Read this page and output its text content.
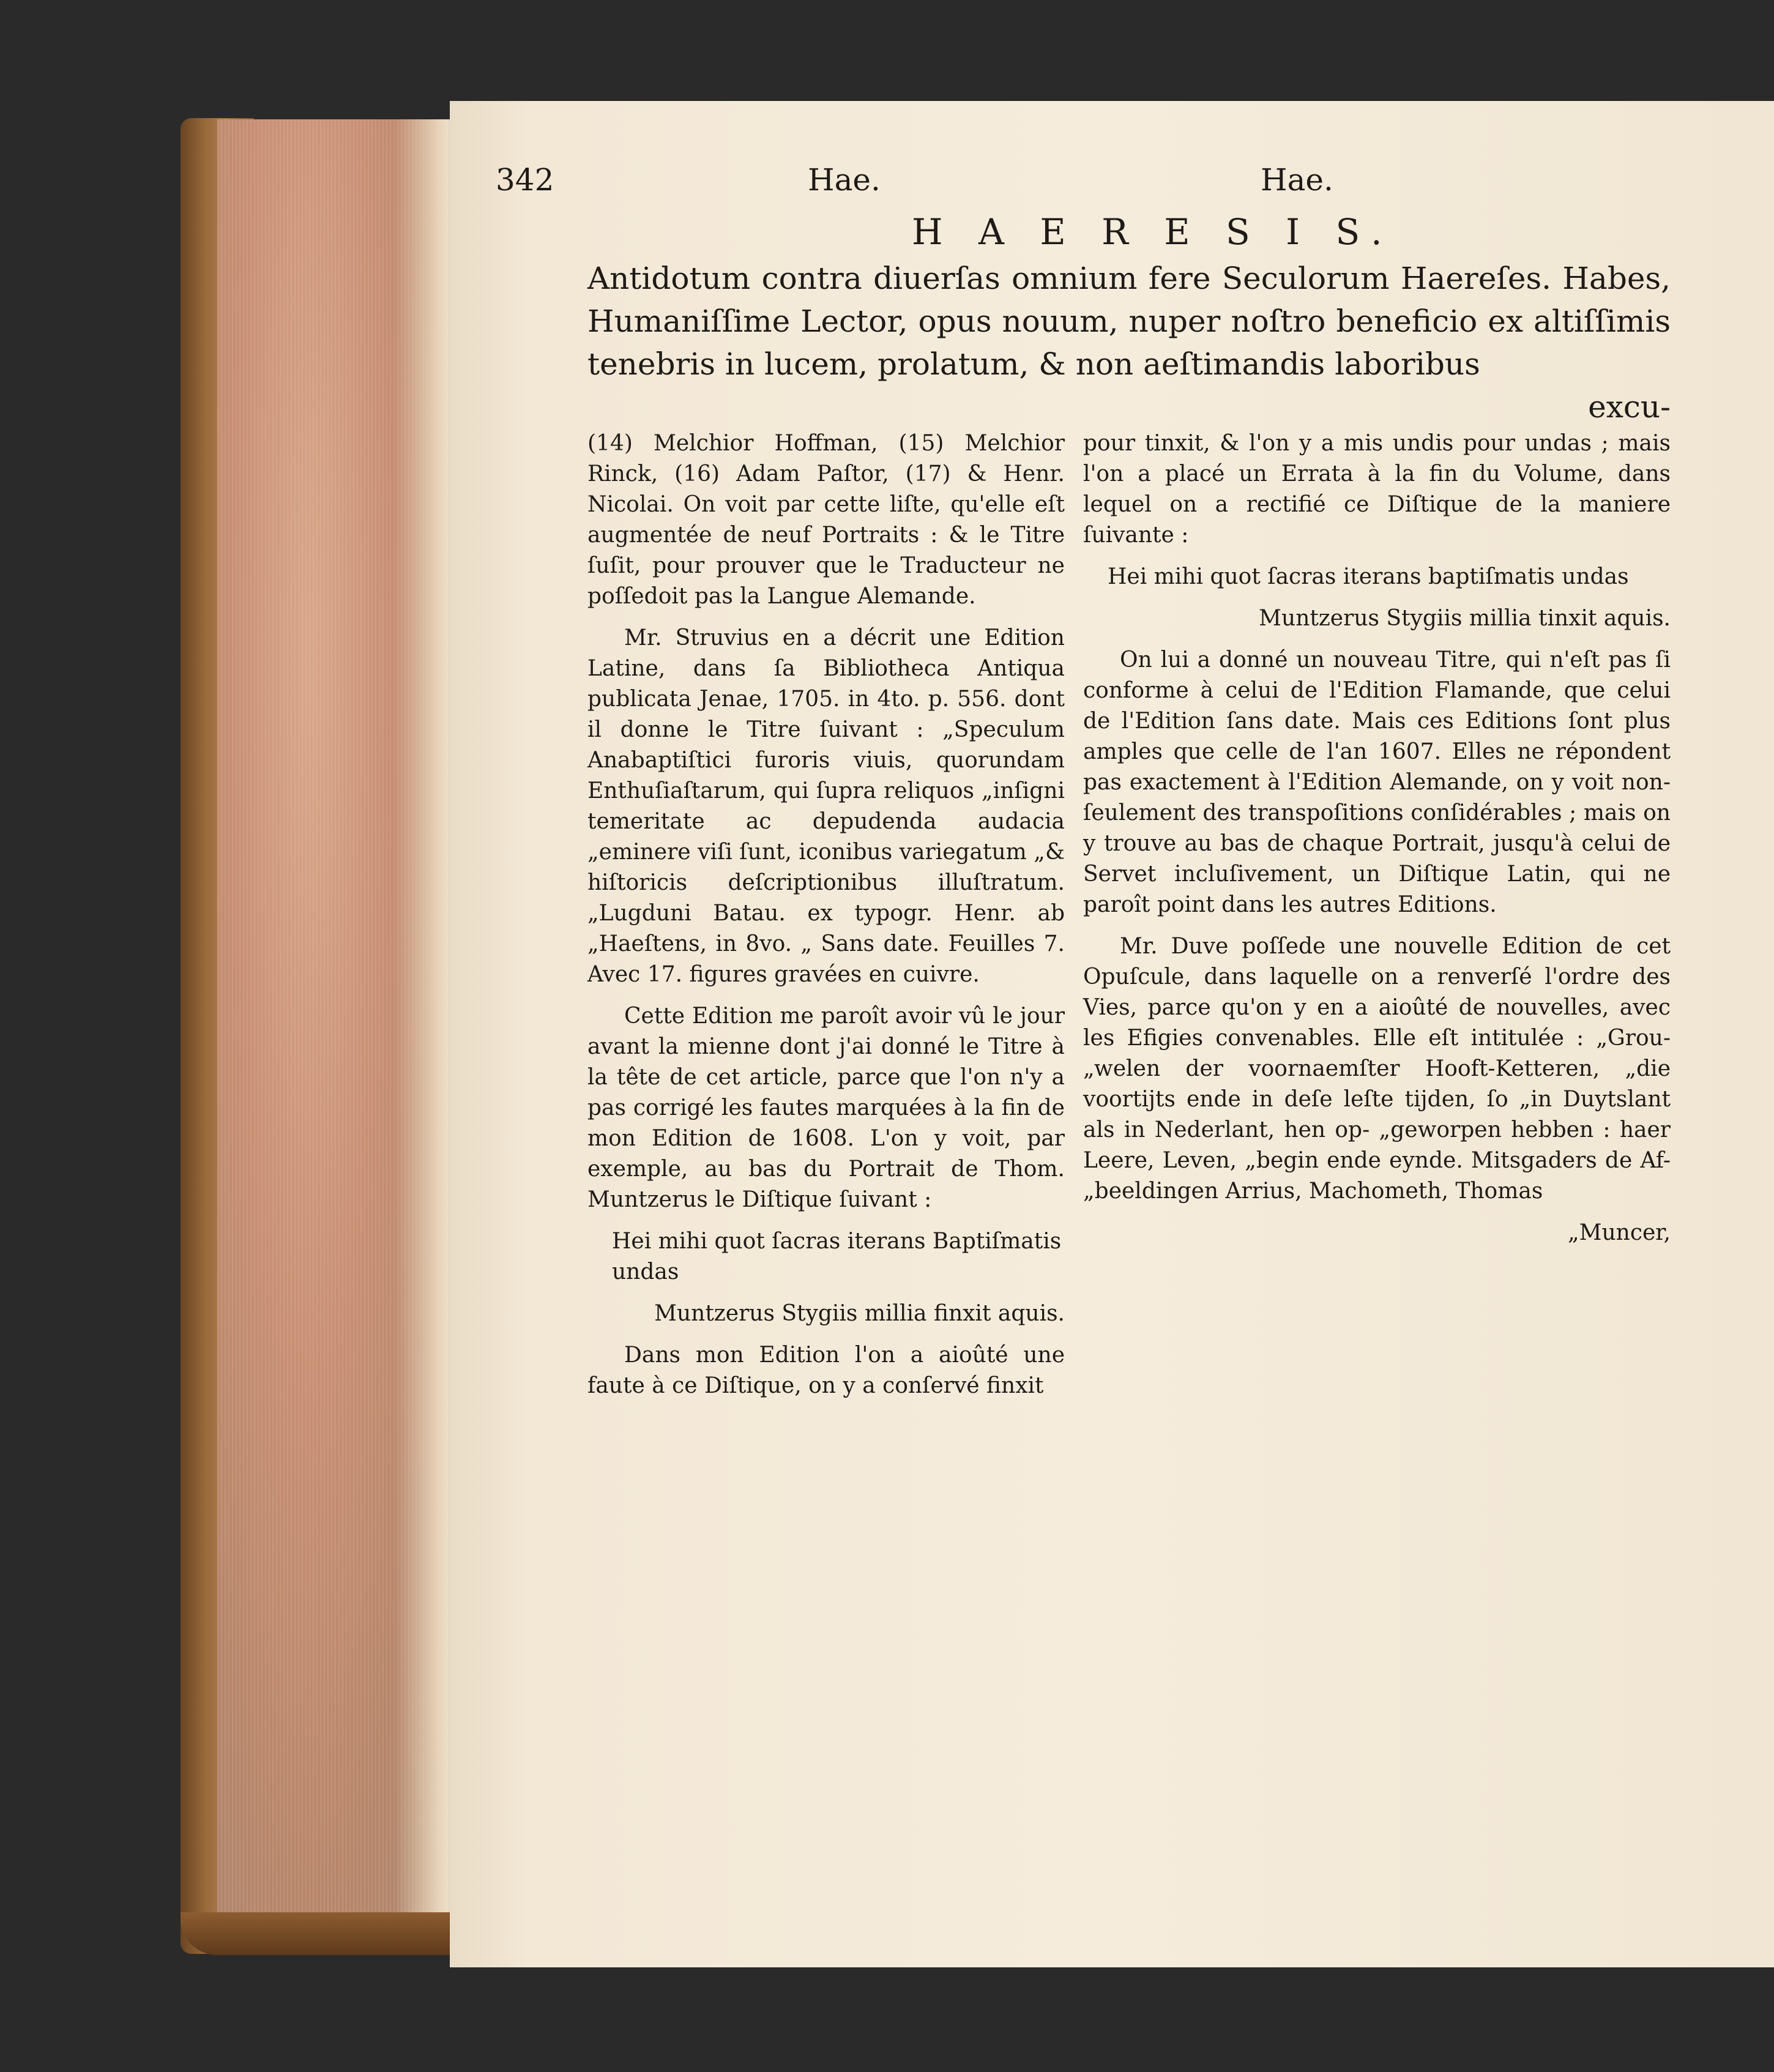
342	Hae.	Hae.
H A E R E S I S.
Antidotum contra diuerſas omnium fere Seculorum Haereſes. Habes, Humaniſſime Lector, opus nouum, nuper noſtro beneficio ex altiſſimis tenebris in lucem, prolatum, & non aeſtimandis laboribus
excu-

(14) Melchior Hoffman, (15) Melchior Rinck, (16) Adam Paſtor, (17) & Henr. Nicolai. On voit par cette liſte, qu'elle eſt augmentée de neuf Portraits : & le Titre ſuſit, pour prouver que le Traducteur ne poſſedoit pas la Langue Alemande.

Mr. Struvius en a décrit une Edition Latine, dans ſa Bibliotheca Antiqua publicata Jenae, 1705. in 4to. p. 556. dont il donne le Titre ſuivant : „Speculum Anabaptiſtici furoris viuis, quorundam Enthuſiaſtarum, qui ſupra reliquos „inſigni temeritate ac depudenda audacia „eminere viſi ſunt, iconibus variegatum „& hiſtoricis deſcriptionibus illuſtratum. „Lugduni Batau. ex typogr. Henr. ab „Haeſtens, in 8vo. „ Sans date. Feuilles 7. Avec 17. figures gravées en cuivre.

Cette Edition me paroît avoir vû le jour avant la mienne dont j'ai donné le Titre à la tête de cet article, parce que l'on n'y a pas corrigé les fautes marquées à la fin de mon Edition de 1608. L'on y voit, par exemple, au bas du Portrait de Thom. Muntzerus le Diſtique ſuivant :

Hei mihi quot ſacras iterans Baptiſmatis undas

Muntzerus Stygiis millia finxit aquis.

Dans mon Edition l'on a aioûté une faute à ce Diſtique, on y a conſervé finxit

pour tinxit, & l'on y a mis undis pour undas ; mais l'on a placé un Errata à la fin du Volume, dans lequel on a rectifié ce Diſtique de la maniere ſuivante :

Hei mihi quot ſacras iterans baptiſmatis undas

Muntzerus Stygiis millia tinxit aquis.

On lui a donné un nouveau Titre, qui n'eſt pas ſi conforme à celui de l'Edition Flamande, que celui de l'Edition ſans date. Mais ces Editions ſont plus amples que celle de l'an 1607. Elles ne répondent pas exactement à l'Edition Alemande, on y voit non-ſeulement des transpoſitions conſidérables ; mais on y trouve au bas de chaque Portrait, jusqu'à celui de Servet incluſivement, un Diſtique Latin, qui ne paroît point dans les autres Editions.

Mr. Duve poſſede une nouvelle Edition de cet Opuſcule, dans laquelle on a renverſé l'ordre des Vies, parce qu'on y en a aioûté de nouvelles, avec les Efigies convenables. Elle eſt intitulée : „Grou- „welen der voornaemſter Hooft-Ketteren, „die voortijts ende in deſe leſte tijden, ſo „in Duytslant als in Nederlant, hen op- „geworpen hebben : haer Leere, Leven, „begin ende eynde. Mitsgaders de Af- „beeldingen Arrius, Machometh, Thomas

„Muncer,
